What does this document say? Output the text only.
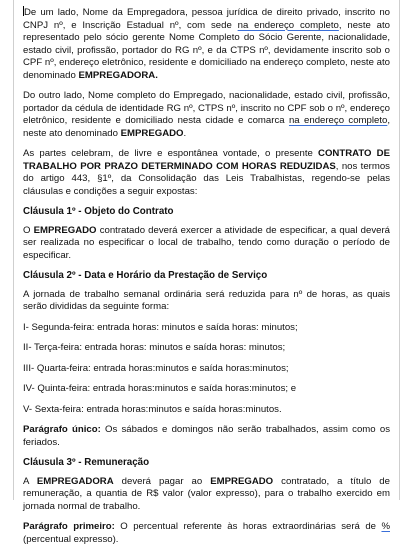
De um lado, Nome da Empregadora, pessoa jurídica de direito privado, inscrito no CNPJ nº, e Inscrição Estadual nº, com sede na endereço completo, neste ato representado pelo sócio gerente Nome Completo do Sócio Gerente, nacionalidade, estado civil, profissão, portador do RG nº, e da CTPS nº, devidamente inscrito sob o CPF nº, endereço eletrônico, residente e domiciliado na endereço completo, neste ato denominado EMPREGADORA.

Do outro lado, Nome completo do Empregado, nacionalidade, estado civil, profissão, portador da cédula de identidade RG nº, CTPS nº, inscrito no CPF sob o nº, endereço eletrônico, residente e domiciliado nesta cidade e comarca na endereço completo, neste ato denominado EMPREGADO.

As partes celebram, de livre e espontânea vontade, o presente CONTRATO DE TRABALHO POR PRAZO DETERMINADO COM HORAS REDUZIDAS, nos termos do artigo 443, §1º, da Consolidação das Leis Trabalhistas, regendo-se pelas cláusulas e condições a seguir expostas:

Cláusula 1º - Objeto do Contrato

O EMPREGADO contratado deverá exercer a atividade de especificar, a qual deverá ser realizada no especificar o local de trabalho, tendo como duração o período de especificar.

Cláusula 2º - Data e Horário da Prestação de Serviço

A jornada de trabalho semanal ordinária será reduzida para nº de horas, as quais serão divididas da seguinte forma:

I- Segunda-feira: entrada horas: minutos e saída horas: minutos;

II- Terça-feira: entrada horas: minutos e saída horas: minutos;

III- Quarta-feira: entrada horas:minutos e saída horas:minutos;

IV- Quinta-feira: entrada horas:minutos e saída horas:minutos; e

V- Sexta-feira: entrada horas:minutos e saída horas:minutos.

Parágrafo único: Os sábados e domingos não serão trabalhados, assim como os feriados.

Cláusula 3º - Remuneração

A EMPREGADORA deverá pagar ao EMPREGADO contratado, a título de remuneração, a quantia de R$ valor (valor expresso), para o trabalho exercido em jornada normal de trabalho.

Parágrafo primeiro: O percentual referente às horas extraordinárias será de %(percentual expresso).
